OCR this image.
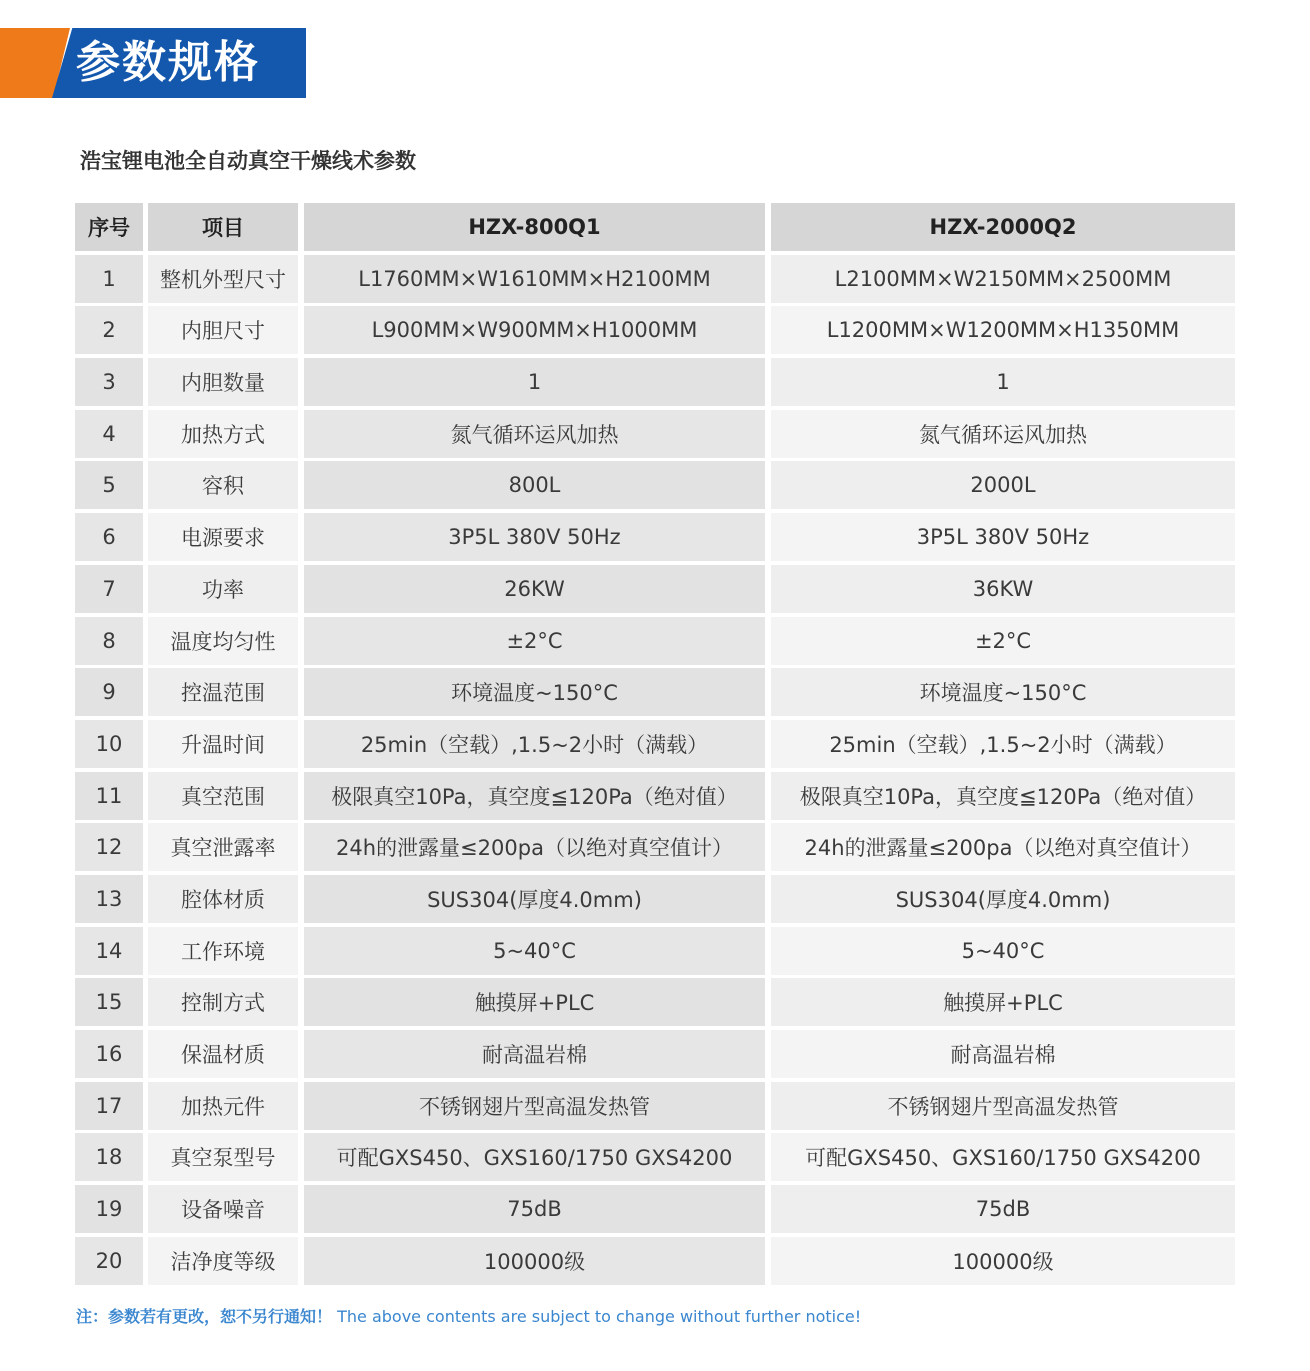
参数规格
浩宝锂电池全自动真空干燥线术参数
序号	项目	HZX-800Q1	HZX-2000Q2
1	整机外型尺寸	L1760MM×W1610MM×H2100MM	L2100MM×W2150MM×2500MM
2	内胆尺寸	L900MM×W900MM×H1000MM	L1200MM×W1200MM×H1350MM
3	内胆数量	1	1
4	加热方式	氮气循环运风加热	氮气循环运风加热
5	容积	800L	2000L
6	电源要求	3P5L 380V 50Hz	3P5L 380V 50Hz
7	功率	26KW	36KW
8	温度均匀性	±2°C	±2°C
9	控温范围	环境温度~150°C	环境温度~150°C
10	升温时间	25min（空载）,1.5~2小时（满载）	25min（空载）,1.5~2小时（满载）
11	真空范围	极限真空10Pa，真空度≦120Pa（绝对值）	极限真空10Pa，真空度≦120Pa（绝对值）
12	真空泄露率	24h的泄露量≤200pa（以绝对真空值计）	24h的泄露量≤200pa（以绝对真空值计）
13	腔体材质	SUS304(厚度4.0mm)	SUS304(厚度4.0mm)
14	工作环境	5~40°C	5~40°C
15	控制方式	触摸屏+PLC	触摸屏+PLC
16	保温材质	耐高温岩棉	耐高温岩棉
17	加热元件	不锈钢翅片型高温发热管	不锈钢翅片型高温发热管
18	真空泵型号	可配GXS450、GXS160/1750 GXS4200	可配GXS450、GXS160/1750 GXS4200
19	设备噪音	75dB	75dB
20	洁净度等级	100000级	100000级
注：参数若有更改，恕不另行通知！ The above contents are subject to change without further notice!
